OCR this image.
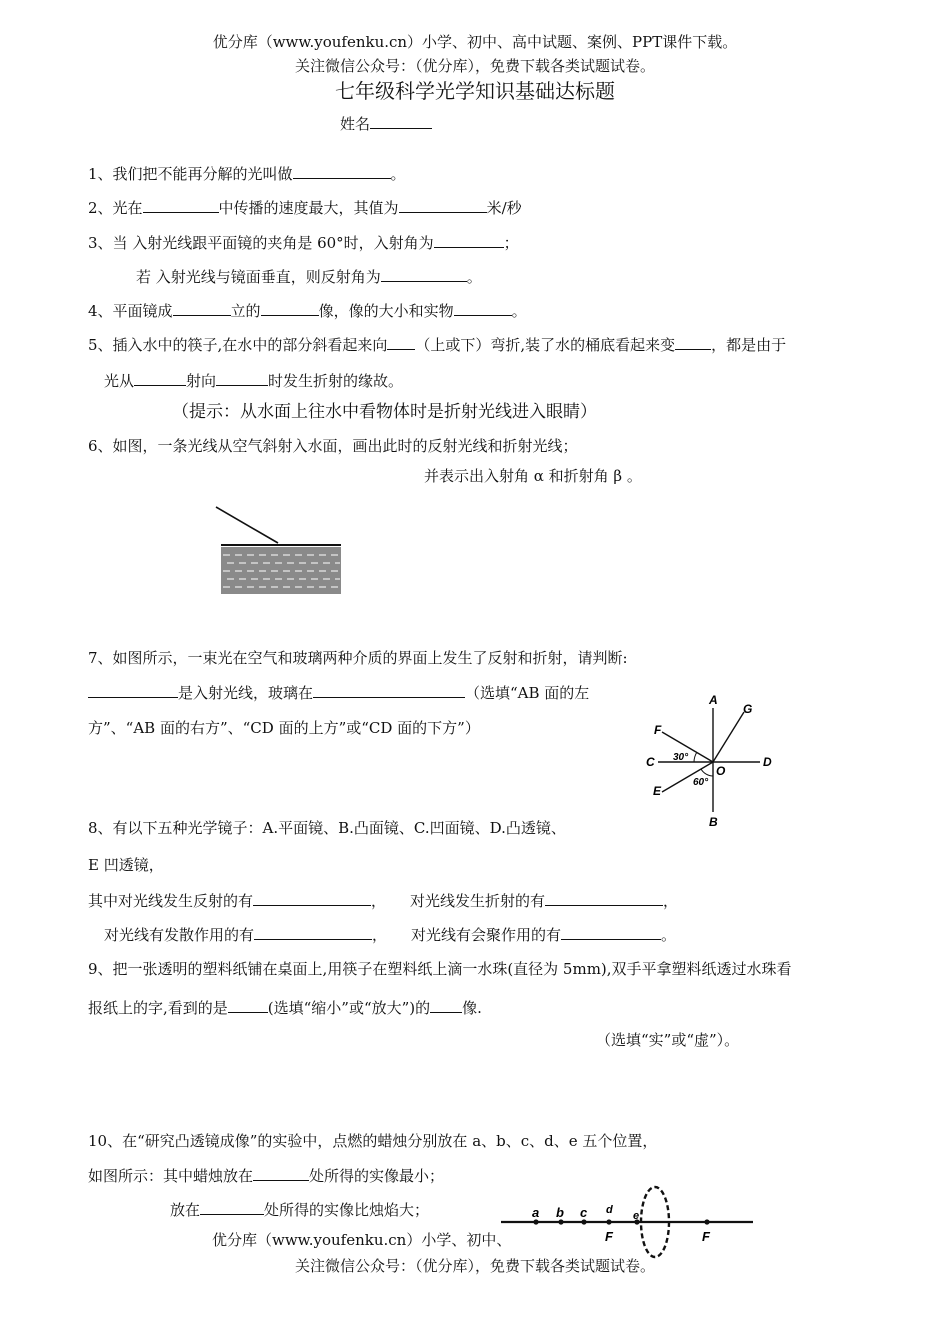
优分库（www.youfenku.cn）小学、初中、高中试题、案例、PPT课件下载。
关注微信公众号：（优分库），免费下载各类试题试卷。
七年级科学光学知识基础达标题
姓名
1、我们把不能再分解的光叫做	。
2、光在	中传播的速度最大，其值为	米/秒
3、当 入射光线跟平面镜的夹角是 60°时，入射角为	；
若 入射光线与镜面垂直，则反射角为	。
4、平面镜成	立的	像，像的大小和实物	。
5、插入水中的筷子,在水中的部分斜看起来向 （上或下）弯折,装了水的桶底看起来变 ，都是由于
光从	射向	时发生折射的缘故。
（提示：从水面上往水中看物体时是折射光线进入眼睛）
6、如图，一条光线从空气斜射入水面，画出此时的反射光线和折射光线；
并表示出入射角 α 和折射角 β 。
7、如图所示，一束光在空气和玻璃两种介质的界面上发生了反射和折射，请判断:
是入射光线，玻璃在	（选填“AB 面的左
方”、“AB 面的右方”、“CD 面的上方”或“CD 面的下方”）
A
B
C	D
E
F
G
O
30°
60°
8、有以下五种光学镜子：A.平面镜、B.凸面镜、C.凹面镜、D.凸透镜、
E 凹透镜，
其中对光线发生反射的有	， 对光线发生折射的有	，
对光线有发散作用的有	， 对光线有会聚作用的有	。
9、把一张透明的塑料纸铺在桌面上,用筷子在塑料纸上滴一水珠(直径为 5mm),双手平拿塑料纸透过水珠看
报纸上的字,看到的是	(选填“缩小”或“放大”)的 像.
（选填“实”或“虚”）。
10、在“研究凸透镜成像”的实验中，点燃的蜡烛分别放在 a、b、c、d、e 五个位置，
如图所示：其中蜡烛放在	处所得的实像最小；
放在	处所得的实像比烛焰大；	a b c d e
F	F
优分库（www.youfenku.cn）小学、初中、
关注微信公众号：（优分库），免费下载各类试题试卷。
